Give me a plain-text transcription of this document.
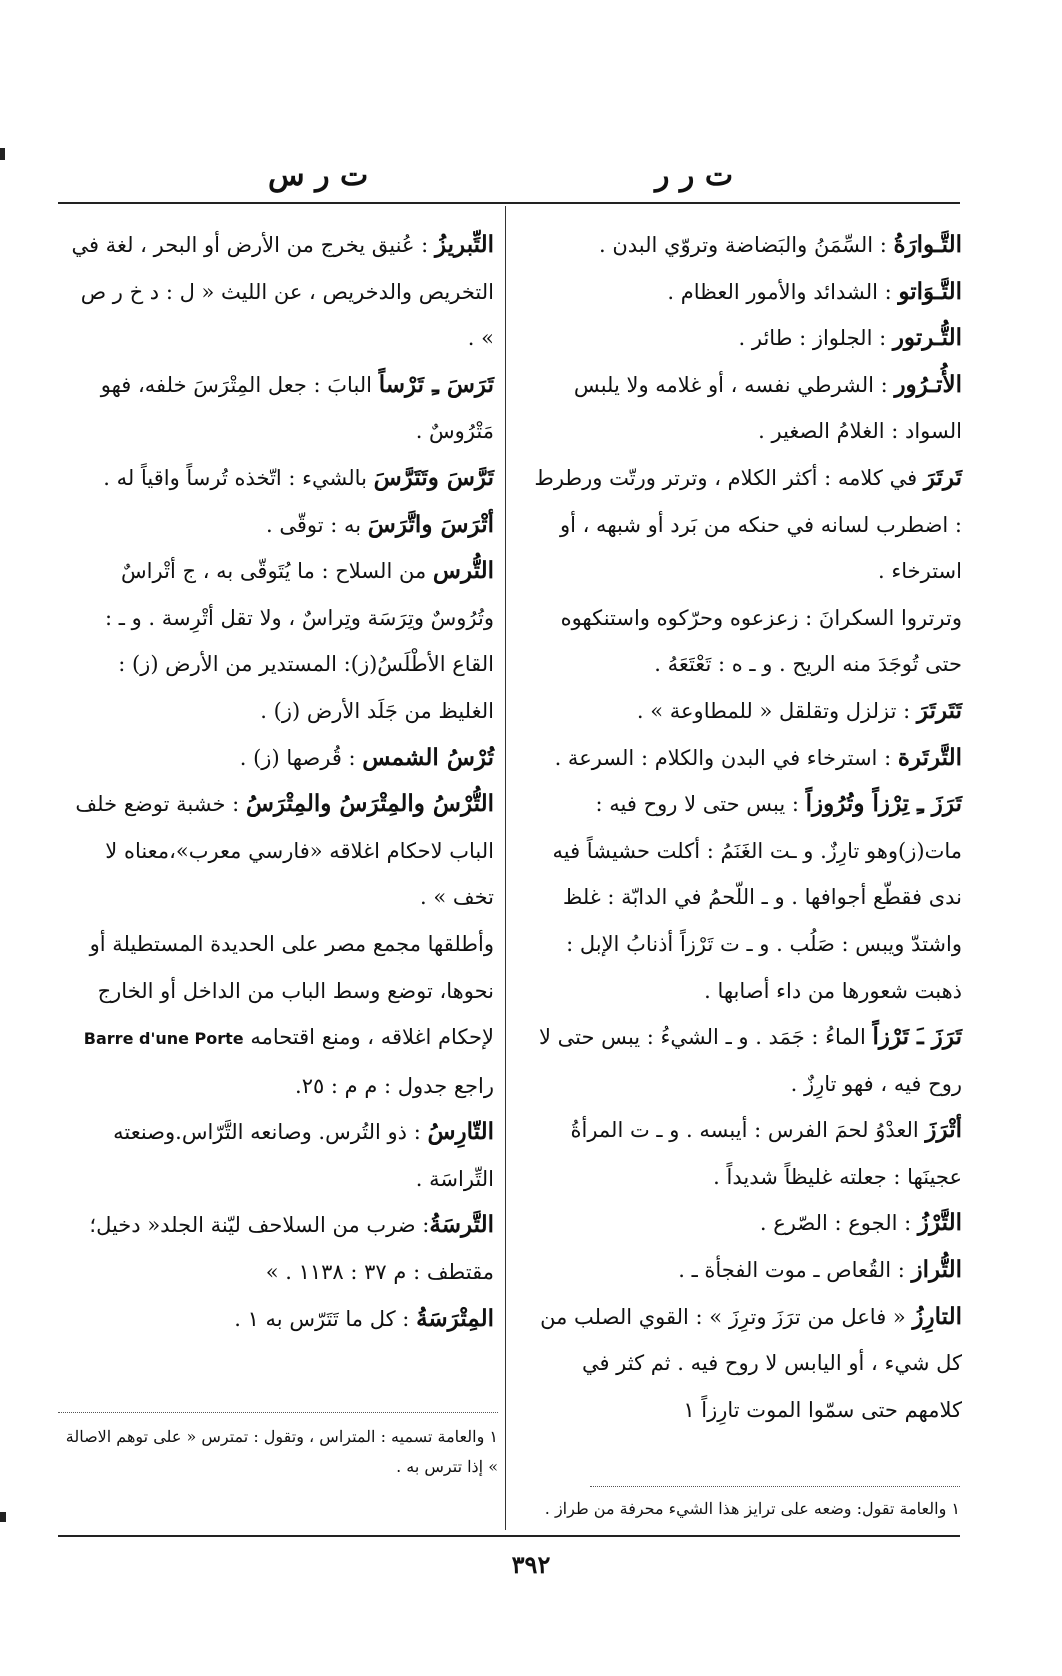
ت ر ر
ت ر س

التَّـوارَةُ : السِّمَنُ والبَضاضة وتروّي البدن .

التَّـوَاتو : الشدائد والأمور العظام .

التُّـرتور : الجلواز : طائر .

الأُتـرُور : الشرطي نفسه ، أو غلامه ولا يلبس السواد : الغلامُ الصغير .

تَرتَرَ في كلامه : أكثر الكلام ، وترتر ورتّت ورطرط : اضطرب لسانه في حنكه من بَرد أو شبهه ، أو استرخاء .

وترتروا السكرانَ : زعزعوه وحرّكوه واستنكهوه حتى تُوجَدَ منه الريح . و ـ ه : تَعْتَعَهُ .

تَتَرتَرَ : تزلزل وتقلقل « للمطاوعة » .

التَّرتَرة : استرخاء في البدن والكلام : السرعة .

تَرَزَ ـِ تِرْزاً وتُرُوزاً : يبس حتى لا روح فيه : مات(ز)وهو تارِزٌ. و ـت الغَنَمُ : أكلت حشيشاً فيه ندى فقطّع أجوافها . و ـ اللّحمُ في الدابّة : غلظ واشتدّ ويبس : صَلُب . و ـ ت تَرْزاً أذنابُ الإبل : ذهبت شعورها من داء أصابها .

تَرَزَ ـَ تَرْزاً الماءُ : جَمَد . و ـ الشيءُ : يبس حتى لا روح فيه ، فهو تارِزٌ .

أتْرَزَ العدْوُ لحمَ الفرس : أيبسه . و ـ ت المرأةُ عجينَها : جعلته غليظاً شديداً .

التَّرْزُ : الجوع : الصّرع .

التُّراز : القُعاص ـ موت الفجأة ـ .

التارِزُ « فاعل من ترَزَ وترِزَ » : القوي الصلب من كل شيء ، أو اليابس لا روح فيه . ثم كثر في كلامهم حتى سمّوا الموت تارِزاً ١

التِّبريزُ : عُنيق يخرج من الأرض أو البحر ، لغة في التخريص والدخريص ، عن الليث « ل : د خ ر ص » .

تَرَسَ ـِ تَرْساً البابَ : جعل المِتْرَسَ خلفه، فهو مَتْرُوسٌ .

تَرَّسَ وتَتَرَّسَ بالشيء : اتّخذه تُرساً واقياً له .

أتْرَسَ واتَّرَسَ به : توقّى .

التُّرس من السلاح : ما يُتَوقّى به ، ج أتْراسٌ وتُرُوسٌ وتِرَسَة وتِراسٌ ، ولا تقل أتْرِسة . و ـ : القاع الأطْلَسُ(ز): المستدير من الأرض (ز) : الغليظ من جَلَد الأرض (ز) .

تُرْسُ الشمس : قُرصها (ز) .

التُّرْسُ والمِتْرَسُ والمِتْرَسُ : خشبة توضع خلف الباب لاحكام اغلاقه «فارسي معرب»،معناه لا تخف » .

وأطلقها مجمع مصر على الحديدة المستطيلة أو نحوها، توضع وسط الباب من الداخل أو الخارج لإحكام اغلاقه ، ومنع اقتحامه Barre d'une Porte

راجع جدول : م م : ٢٥.

التّارِسُ : ذو التُرس. وصانعه التَّرّاس.وصنعته التِّراسَة .

التَّرسَةُ: ضرب من السلاحف ليّنة الجلد« دخيل؛ مقتطف : م ٣٧ : ١١٣٨ . »

المِتْرَسَةُ : كل ما تَتَرّس به ١ .

١ والعامة تقول: وضعه على ترايز هذا الشيء محرفة من طراز .
١ والعامة تسميه : المتراس ، وتقول : تمترس « على توهم الاصالة » إذا تترس به .
٣٩٢
